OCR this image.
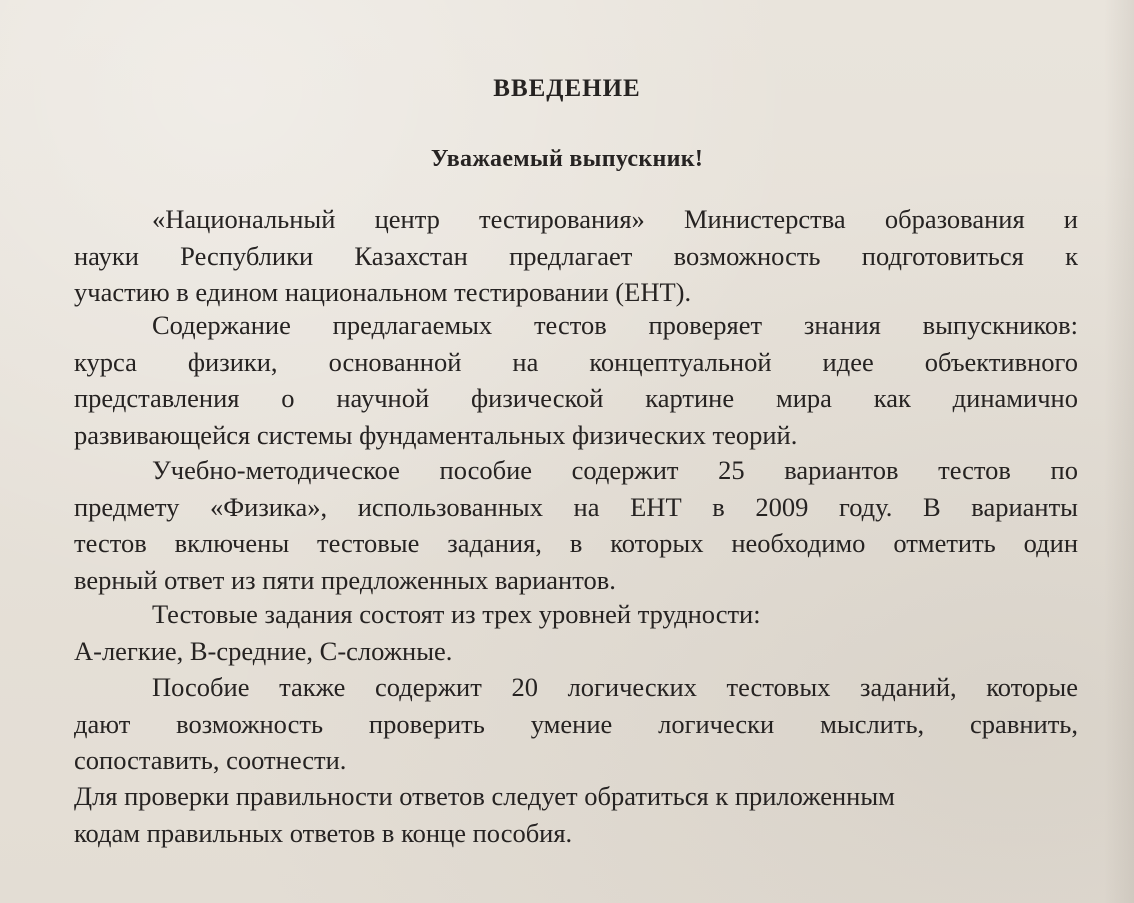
ВВЕДЕНИЕ
Уважаемый выпускник!
«Национальный центр тестирования» Министерства образования и
науки Республики Казахстан предлагает возможность подготовиться к
участию в едином национальном тестировании (ЕНТ).
Содержание предлагаемых тестов проверяет знания выпускников:
курса физики, основанной на концептуальной идее объективного
представления о научной физической картине мира как динамично
развивающейся системы фундаментальных физических теорий.
Учебно-методическое пособие содержит 25 вариантов тестов по
предмету «Физика», использованных на ЕНТ в 2009 году. В варианты
тестов включены тестовые задания, в которых необходимо отметить один
верный ответ из пяти предложенных вариантов.
Тестовые задания состоят из трех уровней трудности:
А-легкие, В-средние, С-сложные.
Пособие также содержит 20 логических тестовых заданий, которые
дают возможность проверить умение логически мыслить, сравнить,
сопоставить, соотнести.
Для проверки правильности ответов следует обратиться к приложенным
кодам правильных ответов в конце пособия.
